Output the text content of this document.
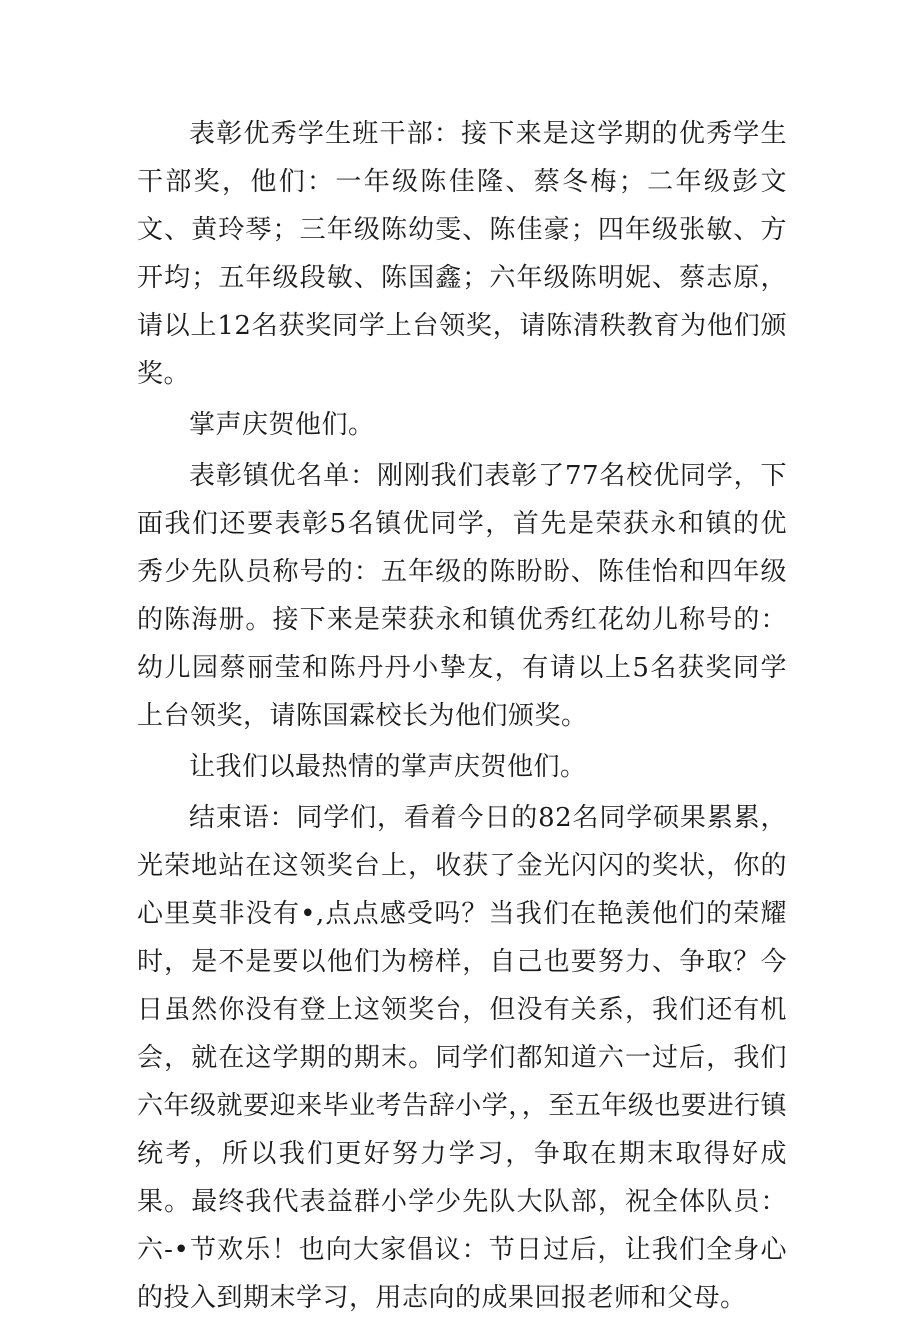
表彰优秀学生班干部：接下来是这学期的优秀学生干部奖，他们：一年级陈佳隆、蔡冬梅；二年级彭文文、黄玲琴；三年级陈幼雯、陈佳豪；四年级张敏、方开均；五年级段敏、陈国鑫；六年级陈明妮、蔡志原，请以上12名获奖同学上台领奖，请陈清秩教育为他们颁奖。

掌声庆贺他们。

表彰镇优名单：刚刚我们表彰了77名校优同学，下面我们还要表彰5名镇优同学，首先是荣获永和镇的优秀少先队员称号的：五年级的陈盼盼、陈佳怡和四年级的陈海册。接下来是荣获永和镇优秀红花幼儿称号的：幼儿园蔡丽莹和陈丹丹小挚友，有请以上5名获奖同学上台领奖，请陈国霖校长为他们颁奖。

让我们以最热情的掌声庆贺他们。

结束语：同学们，看着今日的82名同学硕果累累，光荣地站在这领奖台上，收获了金光闪闪的奖状，你的心里莫非没有•,点点感受吗？当我们在艳羡他们的荣耀时，是不是要以他们为榜样，自己也要努力、争取？今日虽然你没有登上这领奖台，但没有关系，我们还有机会，就在这学期的期末。同学们都知道六一过后，我们六年级就要迎来毕业考告辞小学，，至五年级也要进行镇统考，所以我们更好努力学习，争取在期末取得好成果。最终我代表益群小学少先队大队部，祝全体队员：六-•节欢乐！也向大家倡议：节日过后，让我们全身心的投入到期末学习，用志向的成果回报老师和父母。
